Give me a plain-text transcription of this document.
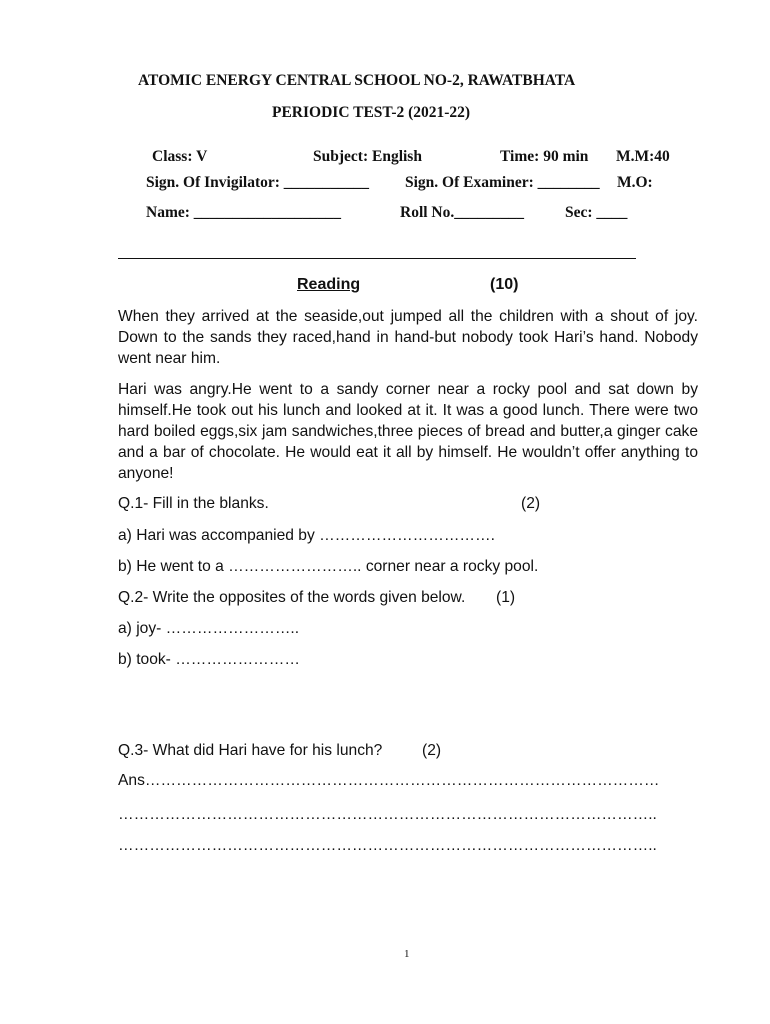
ATOMIC ENERGY CENTRAL SCHOOL NO-2, RAWATBHATA
PERIODIC TEST-2 (2021-22)
Class: V	Subject: English	Time: 90 min M.M:40
Sign. Of Invigilator: ___________ Sign. Of Examiner: ________ M.O:
Name: ___________________	Roll No._________	Sec: ____
Reading	(10)
When they arrived at the seaside,out jumped all the children with a shout of joy. Down to the sands they raced,hand in hand-but nobody took Hari’s hand. Nobody went near him.
Hari was angry.He went to a sandy corner near a rocky pool and sat down by himself.He took out his lunch and looked at it. It was a good lunch. There were two hard boiled eggs,six jam sandwiches,three pieces of bread and butter,a ginger cake and a bar of chocolate. He would eat it all by himself. He wouldn’t offer anything to anyone!
Q.1- Fill in the blanks.	(2)
a) Hari was accompanied by …………………………….
b) He went to a …………………….. corner near a rocky pool.
Q.2- Write the opposites of the words given below. (1)
a) joy- ……………………..
b) took- ……………………
Q.3- What did Hari have for his lunch?	(2)
Ans………………………………………………………………………………………
…………………………………………………………………………………………..
…………………………………………………………………………………………..
1
